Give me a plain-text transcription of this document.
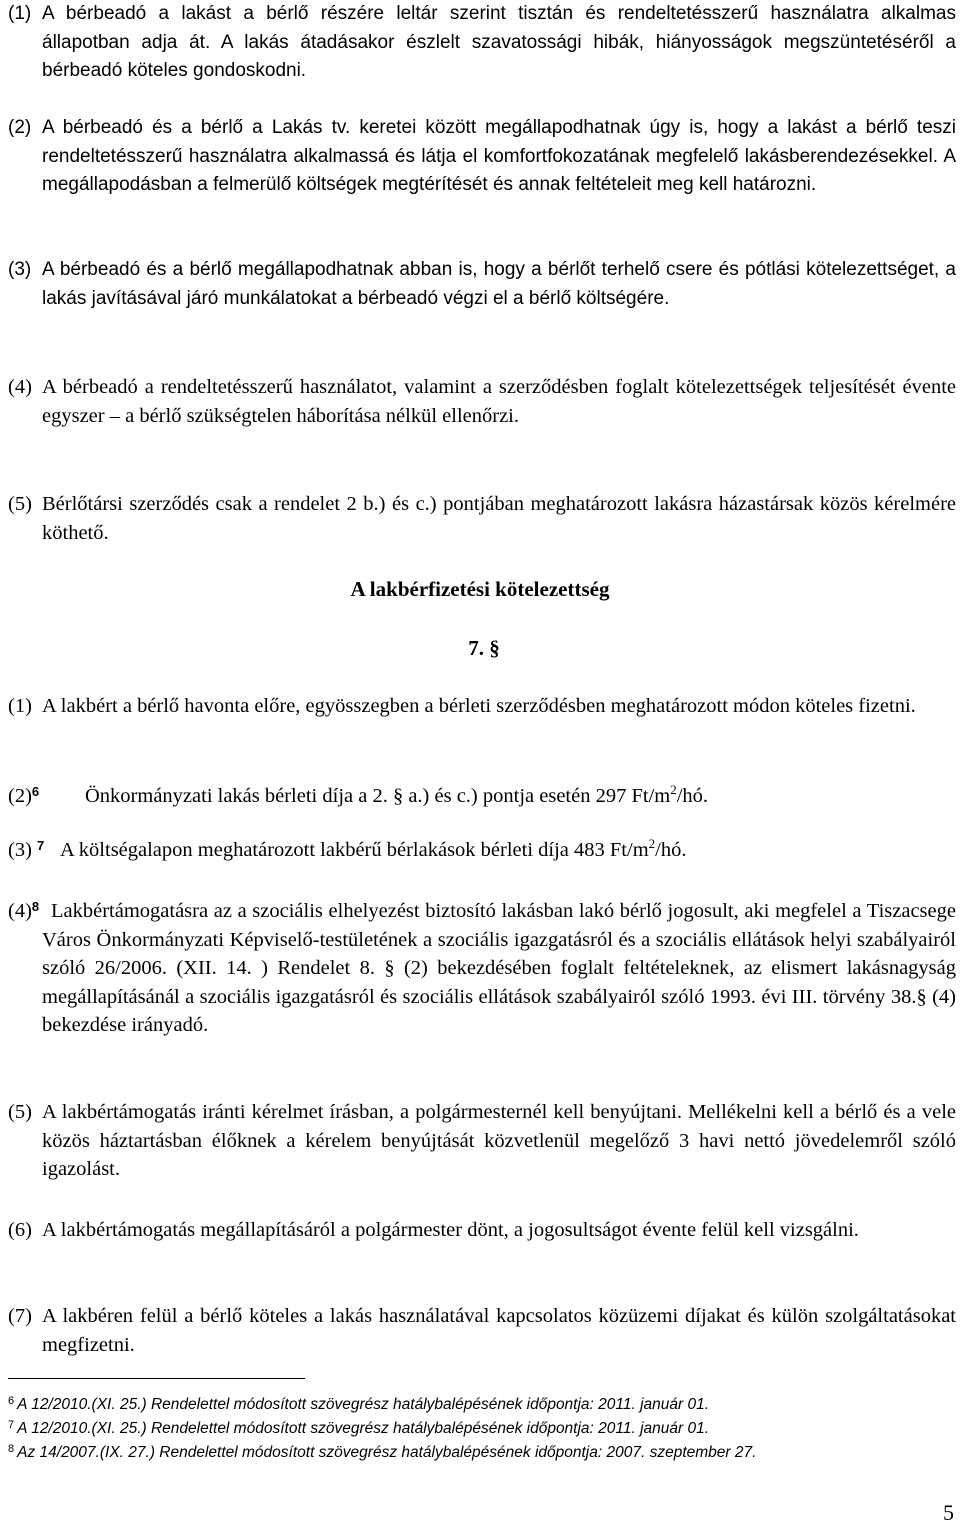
(1) A bérbeadó a lakást a bérlő részére leltár szerint tisztán és rendeltetésszerű használatra alkalmas állapotban adja át. A lakás átadásakor észlelt szavatossági hibák, hiányosságok megszüntetéséről a bérbeadó köteles gondoskodni.
(2) A bérbeadó és a bérlő a Lakás tv. keretei között megállapodhatnak úgy is, hogy a lakást a bérlő teszi rendeltetésszerű használatra alkalmassá és látja el komfortfokozatának megfelelő lakásberendezésekkel. A megállapodásban a felmerülő költségek megtérítését és annak feltételeit meg kell határozni.
(3) A bérbeadó és a bérlő megállapodhatnak abban is, hogy a bérlőt terhelő csere és pótlási kötelezettséget, a lakás javításával járó munkálatokat a bérbeadó végzi el a bérlő költségére.
(4) A bérbeadó a rendeltetésszerű használatot, valamint a szerződésben foglalt kötelezettségek teljesítését évente egyszer – a bérlő szükségtelen háborítása nélkül ellenőrzi.
(5) Bérlőtársi szerződés csak a rendelet 2 b.) és c.) pontjában meghatározott lakásra házastársak közös kérelmére köthető.
A lakbérfizetési kötelezettség
7. §
(1) A lakbért a bérlő havonta előre, egyösszegben a bérleti szerződésben meghatározott módon köteles fizetni.
(2)$^6$	Önkormányzati lakás bérleti díja a 2. § a.) és c.) pontja esetén 297 $Ft/m^2/hó$.
(3) $^7$ A költségalapon meghatározott lakbérű bérlakások bérleti díja 483 $Ft/m^2/hó$.
(4)$^8$ Lakbértámogatásra az a szociális elhelyezést biztosító lakásban lakó bérlő jogosult, aki megfelel a Tiszacsege Város Önkormányzati Képviselő-testületének a szociális igazgatásról és a szociális ellátások helyi szabályairól szóló 26/2006. (XII. 14. ) Rendelet 8. § (2) bekezdésében foglalt feltételeknek, az elismert lakásnagyság megállapításánál a szociális igazgatásról és szociális ellátások szabályairól szóló 1993. évi III. törvény 38.§ (4) bekezdése irányadó.
(5) A lakbértámogatás iránti kérelmet írásban, a polgármesternél kell benyújtani. Mellékelni kell a bérlő és a vele közös háztartásban élőknek a kérelem benyújtását közvetlenül megelőző 3 havi nettó jövedelemről szóló igazolást.
(6) A lakbértámogatás megállapításáról a polgármester dönt, a jogosultságot évente felül kell vizsgálni.
(7) A lakbéren felül a bérlő köteles a lakás használatával kapcsolatos közüzemi díjakat és külön szolgáltatásokat megfizetni.
$^6$ A 12/2010.(XI. 25.) Rendelettel módosított szövegrész hatálybalépésének időpontja: 2011. január 01.
$^7$ A 12/2010.(XI. 25.) Rendelettel módosított szövegrész hatálybalépésének időpontja: 2011. január 01.
$^8$ Az 14/2007.(IX. 27.) Rendelettel módosított szövegrész hatálybalépésének időpontja: 2007. szeptember 27.
5
